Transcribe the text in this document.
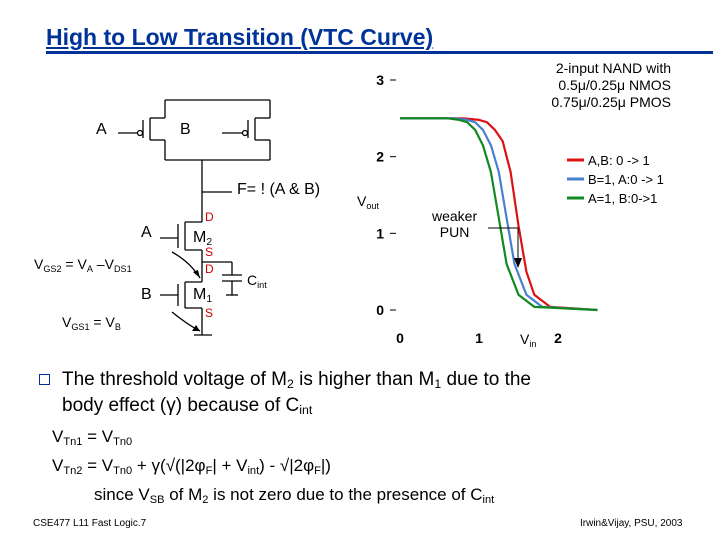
High to Low Transition (VTC Curve)
A	B
F= ! (A & B)
A
B
D
$M_2$
S
D
$M_1$
S
$C_{int}$
$V_{GS2} = V_A$ $-V_{DS1}$
$V_{GS1} = V_B$
2-input NAND with
0.5μ/0.25μ NMOS
0.75μ/0.25μ PMOS
A,B: 0 -> 1
B=1, A:0 -> 1
A=1, B:0->1
0
1
2
3
0	1	2
$V_{out}$
$V_{in}$
weaker
PUN
The threshold voltage of $M_2$ is higher than $M_1$ due to the
body effect (γ) because of $C_{int}$
$V_{Tn1} = V_{Tn0}$
$V_{Tn2} = V_{Tn0} + \gamma(√(|2\varphi_F| + V_{int}) - √|2\varphi_F|)$
since $V_{SB}$ of $M_2$ is not zero due to the presence of $C_{int}$
CSE477 L11 Fast Logic.7	Irwin&Vijay, PSU, 2003
